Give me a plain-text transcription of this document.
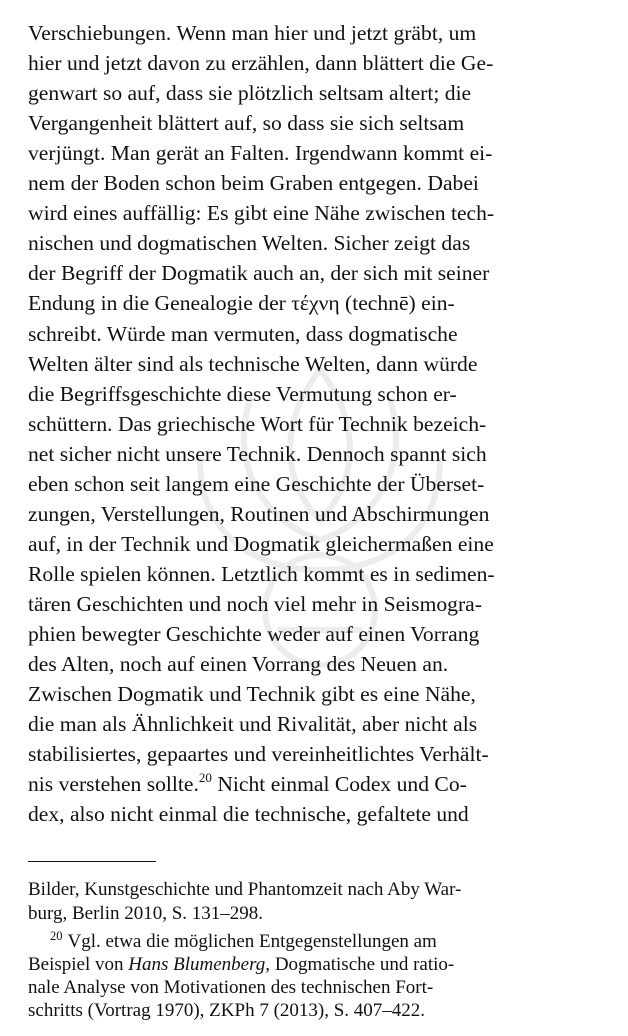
Verschiebungen. Wenn man hier und jetzt gräbt, um
hier und jetzt davon zu erzählen, dann blättert die Ge-
genwart so auf, dass sie plötzlich seltsam altert; die
Vergangenheit blättert auf, so dass sie sich seltsam
verjüngt. Man gerät an Falten. Irgendwann kommt ei-
nem der Boden schon beim Graben entgegen. Dabei
wird eines auffällig: Es gibt eine Nähe zwischen tech-
nischen und dogmatischen Welten. Sicher zeigt das
der Begriff der Dogmatik auch an, der sich mit seiner
Endung in die Genealogie der τέχνη (technē) ein-
schreibt. Würde man vermuten, dass dogmatische
Welten älter sind als technische Welten, dann würde
die Begriffsgeschichte diese Vermutung schon er-
schüttern. Das griechische Wort für Technik bezeich-
net sicher nicht unsere Technik. Dennoch spannt sich
eben schon seit langem eine Geschichte der Überset-
zungen, Verstellungen, Routinen und Abschirmungen
auf, in der Technik und Dogmatik gleichermaßen eine
Rolle spielen können. Letztlich kommt es in sedimen-
tären Geschichten und noch viel mehr in Seismogra-
phien bewegter Geschichte weder auf einen Vorrang
des Alten, noch auf einen Vorrang des Neuen an.
Zwischen Dogmatik und Technik gibt es eine Nähe,
die man als Ähnlichkeit und Rivalität, aber nicht als
stabilisiertes, gepaartes und vereinheitlichtes Verhält-
nis verstehen sollte.$^{20}$ Nicht einmal Codex und Co-
dex, also nicht einmal die technische, gefaltete und
Bilder, Kunstgeschichte und Phantomzeit nach Aby War-
burg, Berlin 2010, S. 131–298.
$^{20}$ Vgl. etwa die möglichen Entgegenstellungen am
Beispiel von Hans Blumenberg, Dogmatische und ratio-
nale Analyse von Motivationen des technischen Fort-
schritts (Vortrag 1970), ZKPh 7 (2013), S. 407–422.
